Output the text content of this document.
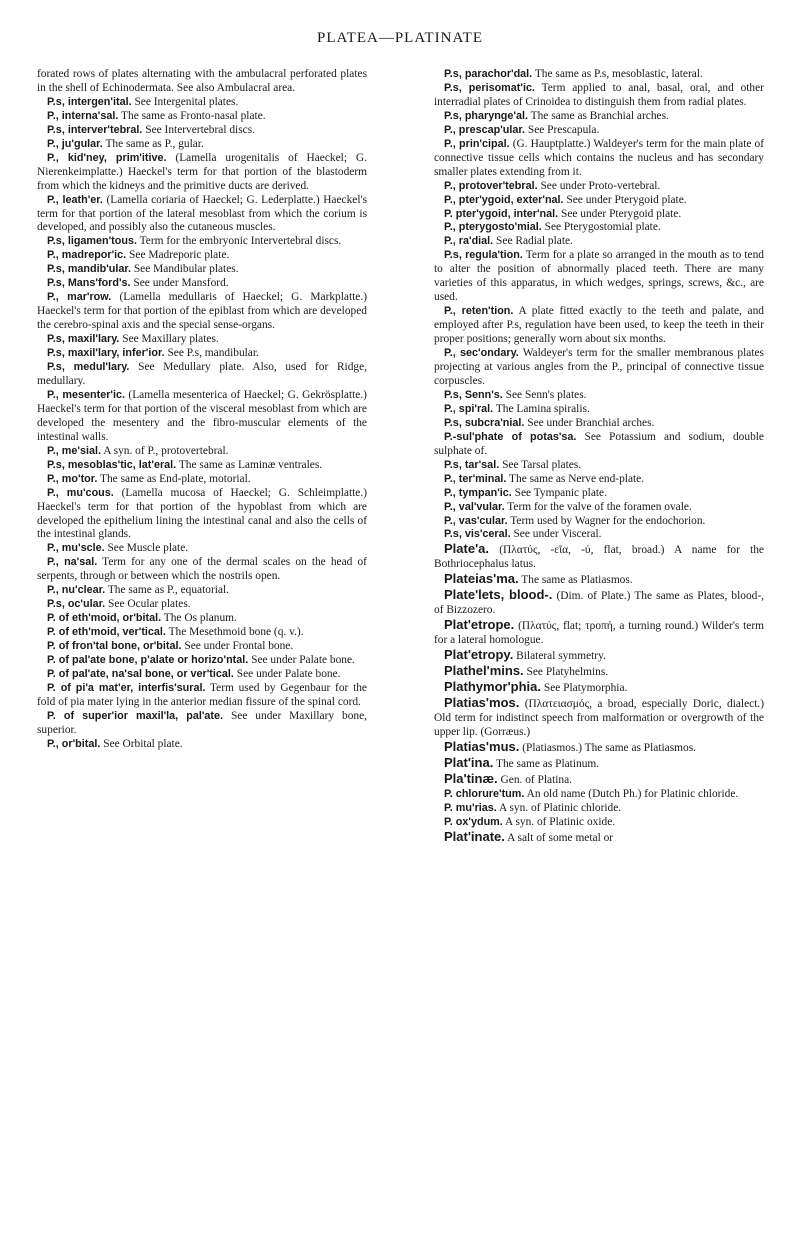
PLATEA—PLATINATE

forated rows of plates alternating with the ambulacral perforated plates in the shell of Echinodermata. See also Ambulacral area.

P.s, intergen'ital. See Intergenital plates.

P., interna'sal. The same as Fronto-nasal plate.

P.s, interver'tebral. See Intervertebral discs.

P., ju'gular. The same as P., gular.

P., kid'ney, prim'itive. (Lamella urogenitalis of Haeckel; G. Nierenkeimplatte.) Haeckel's term for that portion of the blastoderm from which the kidneys and the primitive ducts are derived.

P., leath'er. (Lamella coriaria of Haeckel; G. Lederplatte.) Haeckel's term for that portion of the lateral mesoblast from which the corium is developed, and possibly also the cutaneous muscles.

P.s, ligamen'tous. Term for the embryonic Intervertebral discs.

P., madrepor'ic. See Madreporic plate.

P.s, mandib'ular. See Mandibular plates.

P.s, Mans'ford's. See under Mansford.

P., mar'row. (Lamella medullaris of Haeckel; G. Markplatte.) Haeckel's term for that portion of the epiblast from which are developed the cerebro-spinal axis and the special sense-organs.

P.s, maxil'lary. See Maxillary plates.

P.s, maxil'lary, infer'ior. See P.s, mandibular.

P.s, medul'lary. See Medullary plate. Also, used for Ridge, medullary.

P., mesenter'ic. (Lamella mesenterica of Haeckel; G. Gekrösplatte.) Haeckel's term for that portion of the visceral mesoblast from which are developed the mesentery and the fibro-muscular elements of the intestinal walls.

P., me'sial. A syn. of P., protovertebral.

P.s, mesoblas'tic, lat'eral. The same as Laminæ ventrales.

P., mo'tor. The same as End-plate, motorial.

P., mu'cous. (Lamella mucosa of Haeckel; G. Schleimplatte.) Haeckel's term for that portion of the hypoblast from which are developed the epithelium lining the intestinal canal and also the cells of the intestinal glands.

P., mu'scle. See Muscle plate.

P., na'sal. Term for any one of the dermal scales on the head of serpents, through or between which the nostrils open.

P., nu'clear. The same as P., equatorial.

P.s, oc'ular. See Ocular plates.

P. of eth'moid, or'bital. The Os planum.

P. of eth'moid, ver'tical. The Mesethmoid bone (q. v.).

P. of fron'tal bone, or'bital. See under Frontal bone.

P. of pal'ate bone, p'alate or horizo'ntal. See under Palate bone.

P. of pal'ate, na'sal bone, or ver'tical. See under Palate bone.

P. of pi'a mat'er, interfis'sural. Term used by Gegenbaur for the fold of pia mater lying in the anterior median fissure of the spinal cord.

P. of super'ior maxil'la, pal'ate. See under Maxillary bone, superior.

P., or'bital. See Orbital plate.

P.s, parachor'dal. The same as P.s, mesoblastic, lateral.

P.s, perisomat'ic. Term applied to anal, basal, oral, and other interradial plates of Crinoidea to distinguish them from radial plates.

P.s, pharynge'al. The same as Branchial arches.

P., prescap'ular. See Prescapula.

P., prin'cipal. (G. Hauptplatte.) Waldeyer's term for the main plate of connective tissue cells which contains the nucleus and has secondary smaller plates extending from it.

P., protover'tebral. See under Proto-vertebral.

P., pter'ygoid, exter'nal. See under Pterygoid plate.

P. pter'ygoid, inter'nal. See under Pterygoid plate.

P., pterygosto'mial. See Pterygostomial plate.

P., ra'dial. See Radial plate.

P.s, regula'tion. Term for a plate so arranged in the mouth as to tend to alter the position of abnormally placed teeth. There are many varieties of this apparatus, in which wedges, springs, screws, &c., are used.

P., reten'tion. A plate fitted exactly to the teeth and palate, and employed after P.s, regulation have been used, to keep the teeth in their proper positions; generally worn about six months.

P., sec'ondary. Waldeyer's term for the smaller membranous plates projecting at various angles from the P., principal of connective tissue corpuscles.

P.s, Senn's. See Senn's plates.

P., spi'ral. The Lamina spiralis.

P.s, subcra'nial. See under Branchial arches.

P.-sul'phate of potas'sa. See Potassium and sodium, double sulphate of.

P.s, tar'sal. See Tarsal plates.

P., ter'minal. The same as Nerve end-plate.

P., tympan'ic. See Tympanic plate.

P., val'vular. Term for the valve of the foramen ovale.

P., vas'cular. Term used by Wagner for the endochorion.

P.s, vis'ceral. See under Visceral.

Plate'a. (Πλατύς, -εῖα, -ύ, flat, broad.) A name for the Bothriocephalus latus.

Plateias'ma. The same as Platiasmos.

Plate'lets, blood-. (Dim. of Plate.) The same as Plates, blood-, of Bizzozero.

Plat'etrope. (Πλατύς, flat; τροπή, a turning round.) Wilder's term for a lateral homologue.

Plat'etropy. Bilateral symmetry.

Plathel'mins. See Platyhelmins.

Plathymor'phia. See Platymorphia.

Platias'mos. (Πλατειασμός, a broad, especially Doric, dialect.) Old term for indistinct speech from malformation or overgrowth of the upper lip. (Gorræus.)

Platias'mus. (Platiasmos.) The same as Platiasmos.

Plat'ina. The same as Platinum.

Pla'tinæ. Gen. of Platina.

P. chlorure'tum. An old name (Dutch Ph.) for Platinic chloride.

P. mu'rias. A syn. of Platinic chloride.

P. ox'ydum. A syn. of Platinic oxide.

Plat'inate. A salt of some metal or
